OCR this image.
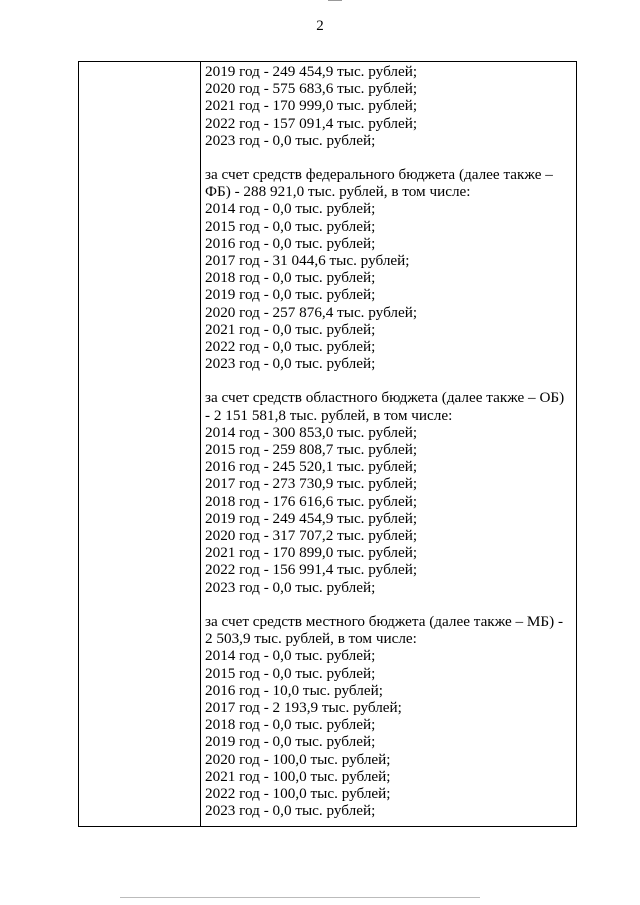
2
2019 год - 249 454,9 тыс. рублей;
2020 год - 575 683,6 тыс. рублей;
2021 год - 170 999,0 тыс. рублей;
2022 год - 157 091,4 тыс. рублей;
2023 год - 0,0 тыс. рублей;
за счет средств федерального бюджета (далее также –
ФБ) - 288 921,0 тыс. рублей, в том числе:
2014 год - 0,0 тыс. рублей;
2015 год - 0,0 тыс. рублей;
2016 год - 0,0 тыс. рублей;
2017 год - 31 044,6 тыс. рублей;
2018 год - 0,0 тыс. рублей;
2019 год - 0,0 тыс. рублей;
2020 год - 257 876,4 тыс. рублей;
2021 год - 0,0 тыс. рублей;
2022 год - 0,0 тыс. рублей;
2023 год - 0,0 тыс. рублей;
за счет средств областного бюджета (далее также – ОБ)
- 2 151 581,8 тыс. рублей, в том числе:
2014 год - 300 853,0 тыс. рублей;
2015 год - 259 808,7 тыс. рублей;
2016 год - 245 520,1 тыс. рублей;
2017 год - 273 730,9 тыс. рублей;
2018 год - 176 616,6 тыс. рублей;
2019 год - 249 454,9 тыс. рублей;
2020 год - 317 707,2 тыс. рублей;
2021 год - 170 899,0 тыс. рублей;
2022 год - 156 991,4 тыс. рублей;
2023 год - 0,0 тыс. рублей;
за счет средств местного бюджета (далее также – МБ) -
2 503,9 тыс. рублей, в том числе:
2014 год - 0,0 тыс. рублей;
2015 год - 0,0 тыс. рублей;
2016 год - 10,0 тыс. рублей;
2017 год - 2 193,9 тыс. рублей;
2018 год - 0,0 тыс. рублей;
2019 год - 0,0 тыс. рублей;
2020 год - 100,0 тыс. рублей;
2021 год - 100,0 тыс. рублей;
2022 год - 100,0 тыс. рублей;
2023 год - 0,0 тыс. рублей;
